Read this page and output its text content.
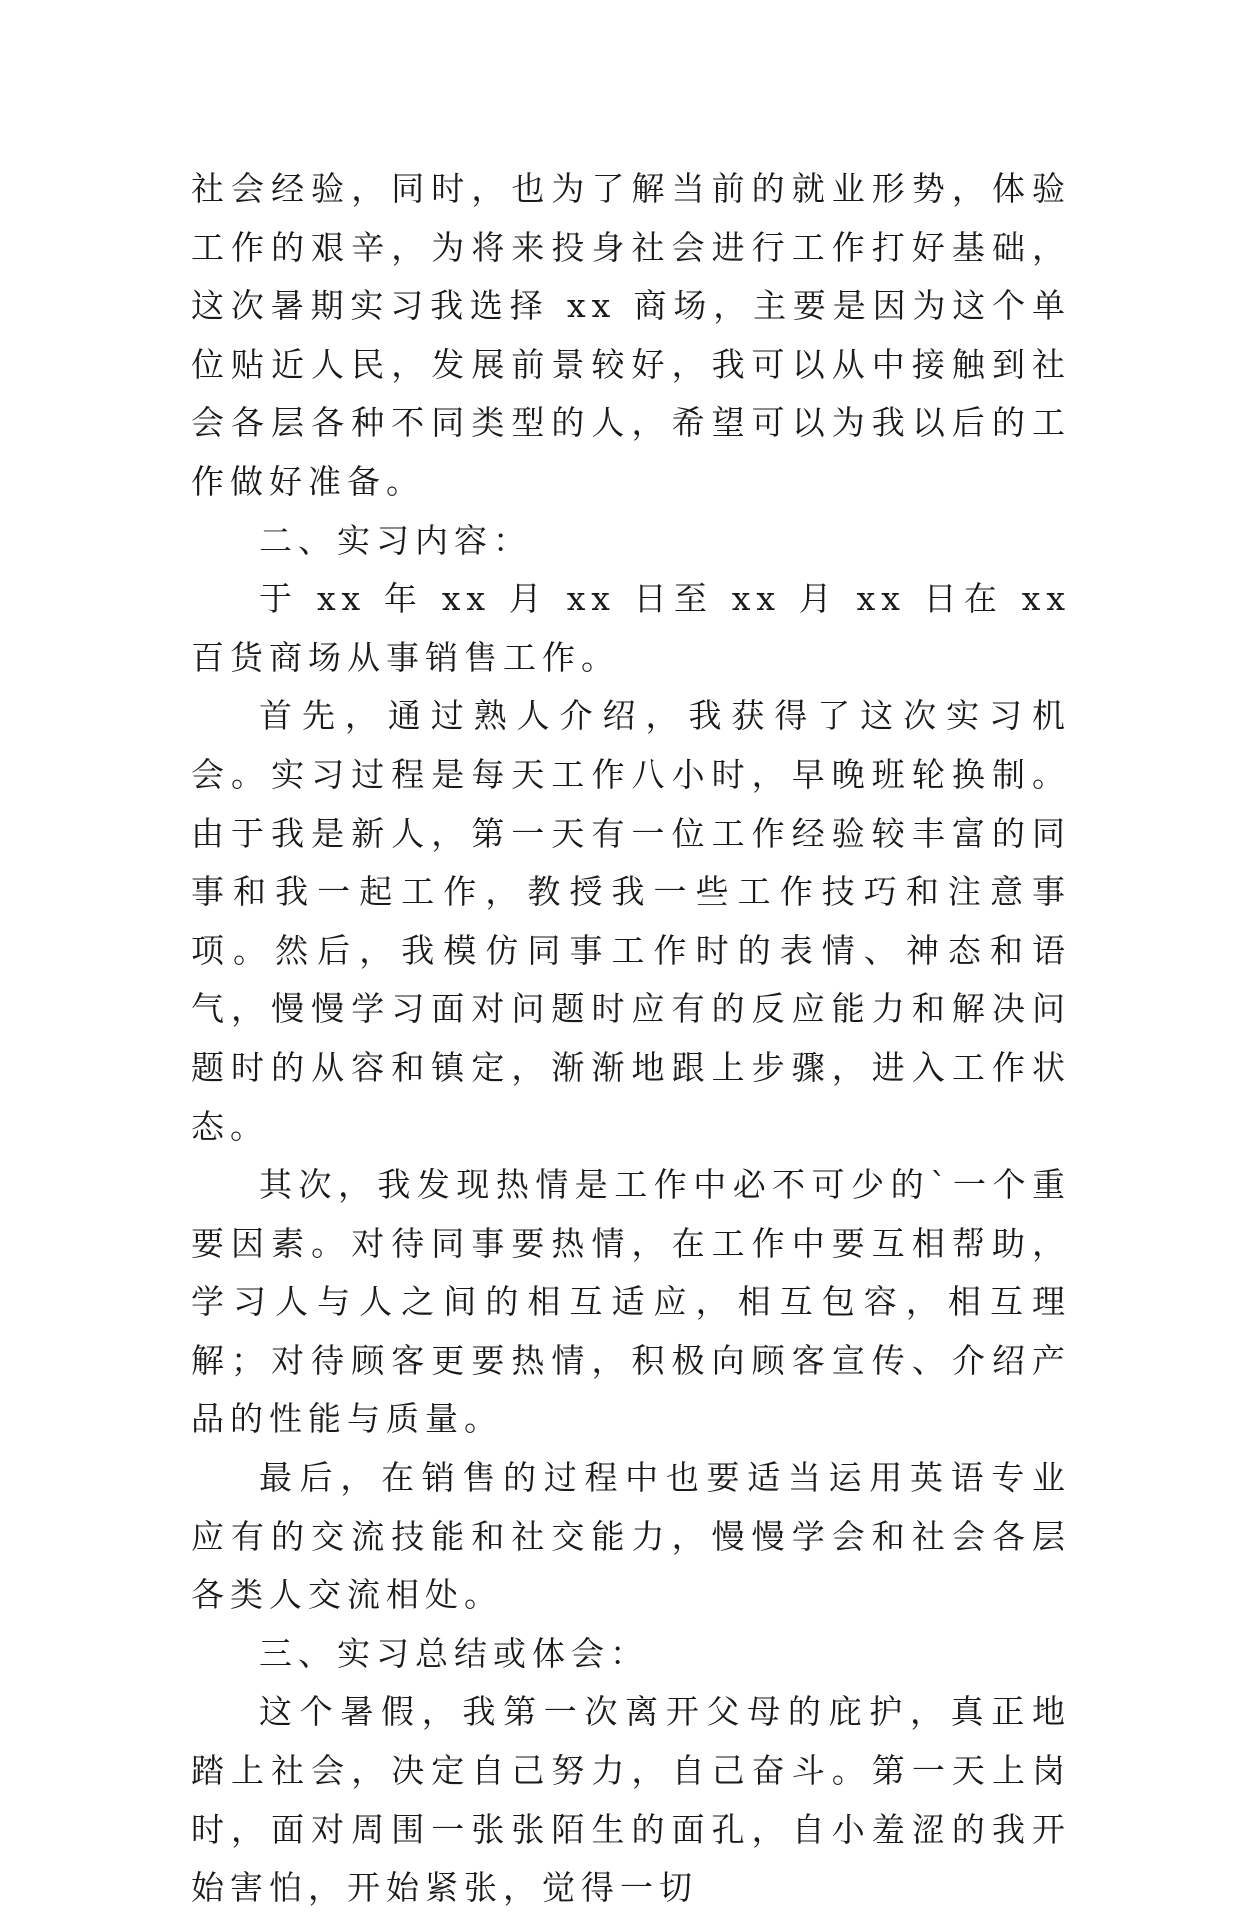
社会经验，同时，也为了解当前的就业形势，体验工作的艰辛，为将来投身社会进行工作打好基础，这次暑期实习我选择 xx 商场，主要是因为这个单位贴近人民，发展前景较好，我可以从中接触到社会各层各种不同类型的人，希望可以为我以后的工作做好准备。

二、实习内容：

于 xx 年 xx 月 xx 日至 xx 月 xx 日在 xx 百货商场从事销售工作。

首先，通过熟人介绍，我获得了这次实习机会。实习过程是每天工作八小时，早晚班轮换制。由于我是新人，第一天有一位工作经验较丰富的同事和我一起工作，教授我一些工作技巧和注意事项。然后，我模仿同事工作时的表情、神态和语气，慢慢学习面对问题时应有的反应能力和解决问题时的从容和镇定，渐渐地跟上步骤，进入工作状态。

其次，我发现热情是工作中必不可少的`一个重要因素。对待同事要热情，在工作中要互相帮助，学习人与人之间的相互适应，相互包容，相互理解；对待顾客更要热情，积极向顾客宣传、介绍产品的性能与质量。

最后，在销售的过程中也要适当运用英语专业应有的交流技能和社交能力，慢慢学会和社会各层各类人交流相处。

三、实习总结或体会：

这个暑假，我第一次离开父母的庇护，真正地踏上社会，决定自己努力，自己奋斗。第一天上岗时，面对周围一张张陌生的面孔，自小羞涩的我开始害怕，开始紧张，觉得一切
